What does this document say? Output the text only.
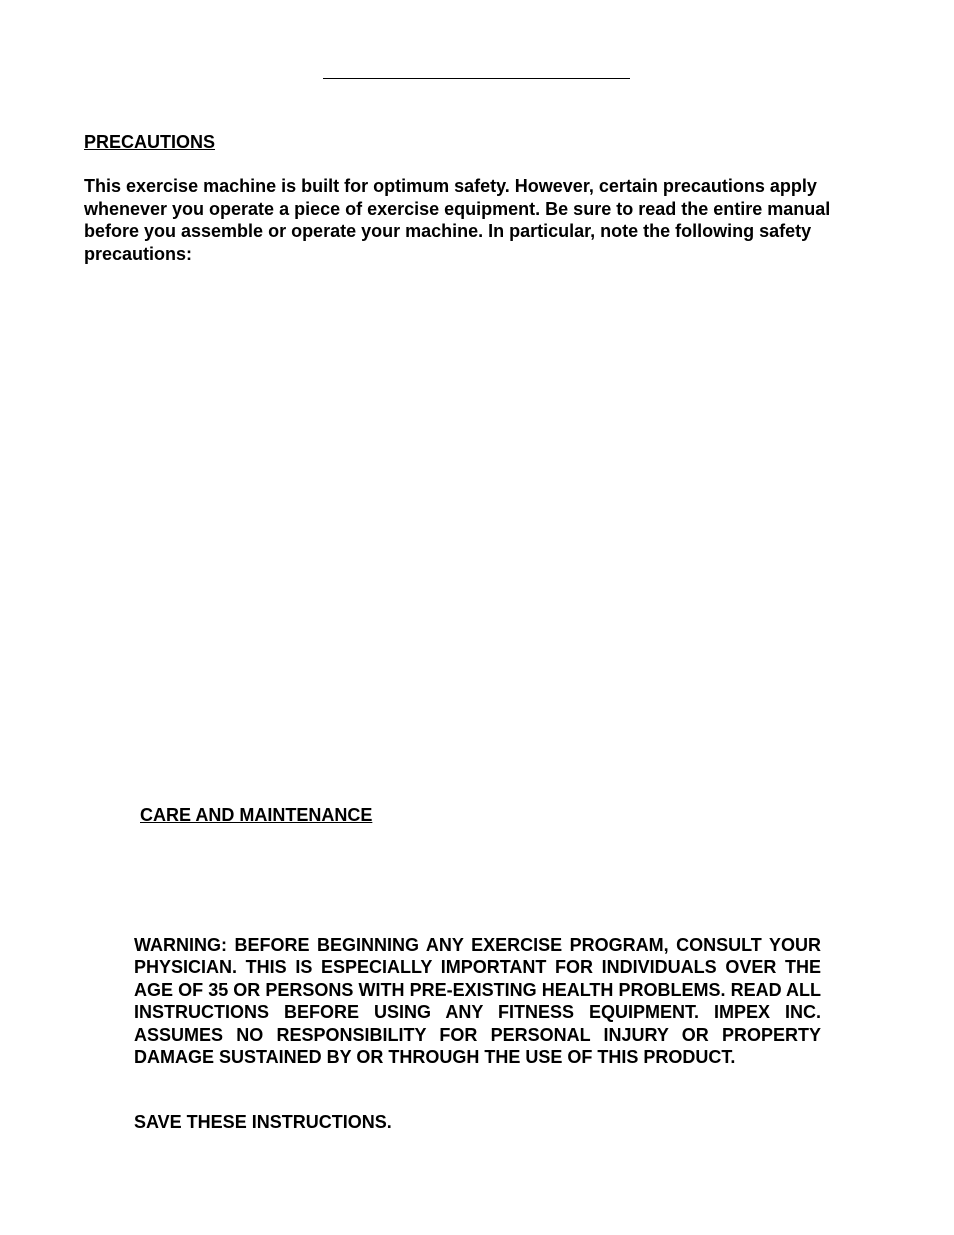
PRECAUTIONS

This exercise machine is built for optimum safety. However, certain precautions apply whenever you operate a piece of exercise equipment. Be sure to read the entire manual before you assemble or operate your machine. In particular, note the following safety precautions:

CARE AND MAINTENANCE

WARNING: BEFORE BEGINNING ANY EXERCISE PROGRAM, CONSULT YOUR PHYSICIAN. THIS IS ESPECIALLY IMPORTANT FOR INDIVIDUALS OVER THE AGE OF 35 OR PERSONS WITH PRE-EXISTING HEALTH PROBLEMS. READ ALL INSTRUCTIONS BEFORE USING ANY FITNESS EQUIPMENT. IMPEX INC. ASSUMES NO RESPONSIBILITY FOR PERSONAL INJURY OR PROPERTY DAMAGE SUSTAINED BY OR THROUGH THE USE OF THIS PRODUCT.

SAVE THESE INSTRUCTIONS.
